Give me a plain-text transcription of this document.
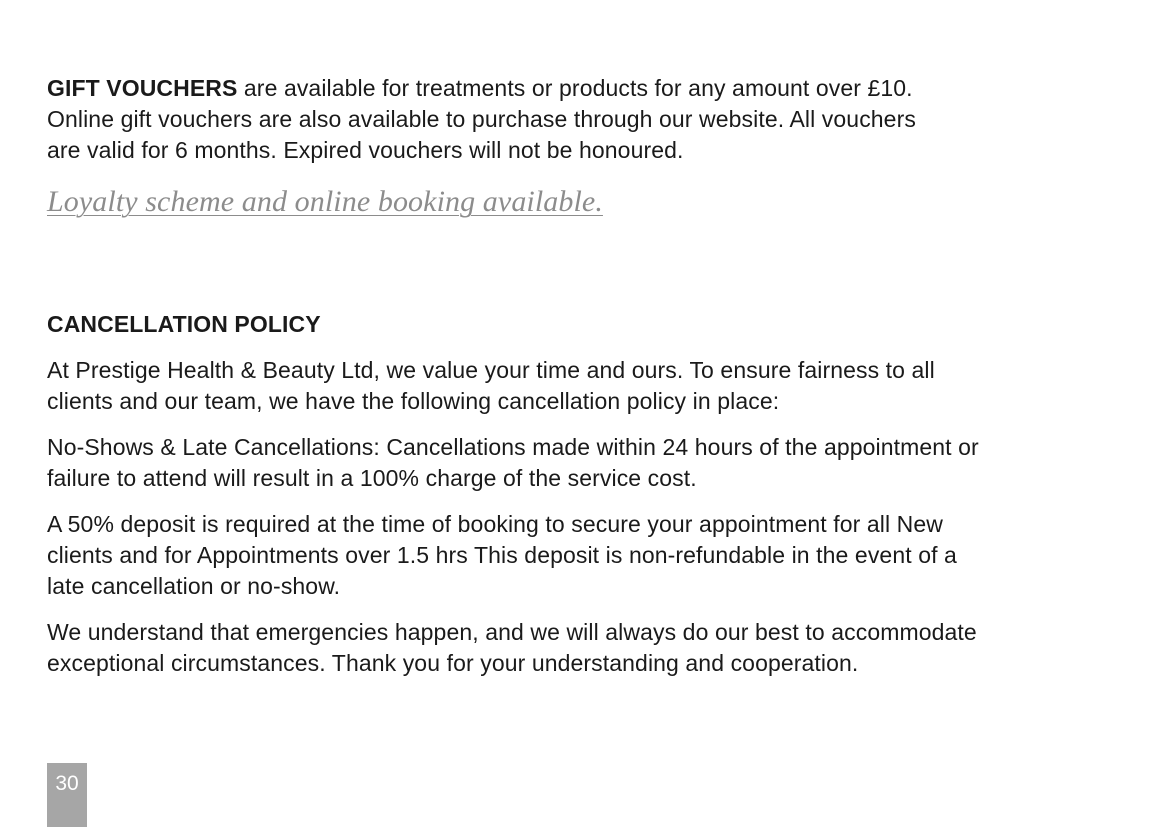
GIFT VOUCHERS are available for treatments or products for any amount over £10.
Online gift vouchers are also available to purchase through our website. All vouchers
are valid for 6 months. Expired vouchers will not be honoured.

Loyalty scheme and online booking available.

CANCELLATION POLICY

At Prestige Health & Beauty Ltd, we value your time and ours. To ensure fairness to all
clients and our team, we have the following cancellation policy in place:

No-Shows & Late Cancellations: Cancellations made within 24 hours of the appointment or
failure to attend will result in a 100% charge of the service cost.

A 50% deposit is required at the time of booking to secure your appointment for all New
clients and for Appointments over 1.5 hrs This deposit is non-refundable in the event of a
late cancellation or no-show.

We understand that emergencies happen, and we will always do our best to accommodate
exceptional circumstances. Thank you for your understanding and cooperation.

30
